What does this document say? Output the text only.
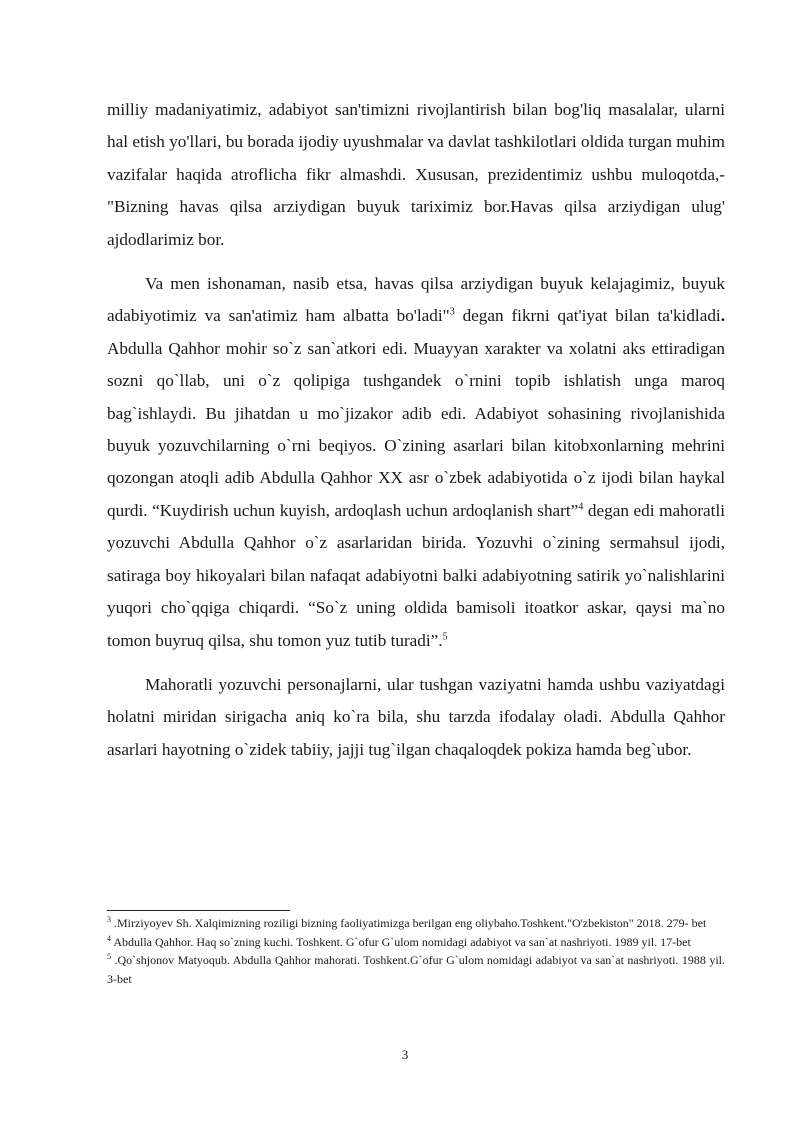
milliy madaniyatimiz, adabiyot san'timizni rivojlantirish bilan bog'liq masalalar, ularni hal etish yo'llari, bu borada ijodiy uyushmalar va davlat tashkilotlari oldida turgan muhim vazifalar haqida atroflicha fikr almashdi. Xususan, prezidentimiz ushbu muloqotda,-"Bizning havas qilsa arziydigan buyuk tariximiz bor.Havas qilsa arziydigan ulug' ajdodlarimiz bor.

Va men ishonaman, nasib etsa, havas qilsa arziydigan buyuk kelajagimiz, buyuk adabiyotimiz va san'atimiz ham albatta bo'ladi"$^3$ degan fikrni qat'iyat bilan ta'kidladi. Abdulla Qahhor mohir so`z san`atkori edi. Muayyan xarakter va xolatni aks ettiradigan sozni qo`llab, uni o`z qolipiga tushgandek o`rnini topib ishlatish unga maroq bag`ishlaydi. Bu jihatdan u mo`jizakor adib edi. Adabiyot sohasining rivojlanishida buyuk yozuvchilarning o`rni beqiyos. O`zining asarlari bilan kitobxonlarning mehrini qozongan atoqli adib Abdulla Qahhor XX asr o`zbek adabiyotida o`z ijodi bilan haykal qurdi. “Kuydirish uchun kuyish, ardoqlash uchun ardoqlanish shart”$^4$ degan edi mahoratli yozuvchi Abdulla Qahhor o`z asarlaridan birida. Yozuvhi o`zining sermahsul ijodi, satiraga boy hikoyalari bilan nafaqat adabiyotni balki adabiyotning satirik yo`nalishlarini yuqori cho`qqiga chiqardi. “So`z uning oldida bamisoli itoatkor askar, qaysi ma`no tomon buyruq qilsa, shu tomon yuz tutib turadi”.$^5$

Mahoratli yozuvchi personajlarni, ular tushgan vaziyatni hamda ushbu vaziyatdagi holatni miridan sirigacha aniq ko`ra bila, shu tarzda ifodalay oladi. Abdulla Qahhor asarlari hayotning o`zidek tabiiy, jajji tug`ilgan chaqaloqdek pokiza hamda beg`ubor.

$^3$ .Mirziyoyev Sh. Xalqimizning roziligi bizning faoliyatimizga berilgan eng oliybaho.Toshkent."O'zbekiston" 2018. 279- bet

$^4$ Abdulla Qahhor. Haq so`zning kuchi. Toshkent. G`ofur G`ulom nomidagi adabiyot va san`at nashriyoti. 1989 yil. 17-bet

$^5$ .Qo`shjonov Matyoqub. Abdulla Qahhor mahorati. Toshkent.G`ofur G`ulom nomidagi adabiyot va san`at nashriyoti. 1988 yil. 3-bet

3
